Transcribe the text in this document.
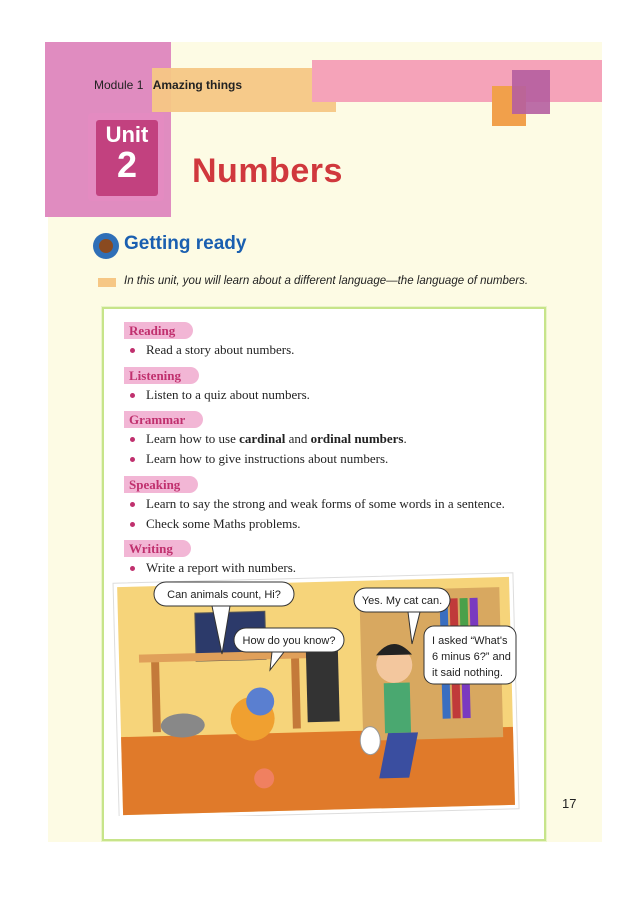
Module 1 Amazing things
Unit
2	Numbers
Getting ready
In this unit, you will learn about a different language—the language of numbers.
Reading
Read a story about numbers.
Listening
Listen to a quiz about numbers.
Grammar
Learn how to use cardinal and ordinal numbers.
Learn how to give instructions about numbers.
Speaking
Learn to say the strong and weak forms of some words in a sentence.
Check some Maths problems.
Writing
Write a report with numbers.
Can animals count, Hi?	Yes. My cat can.
How do you know?	I asked “What's
6 minus 6?” and
it said nothing.
17
